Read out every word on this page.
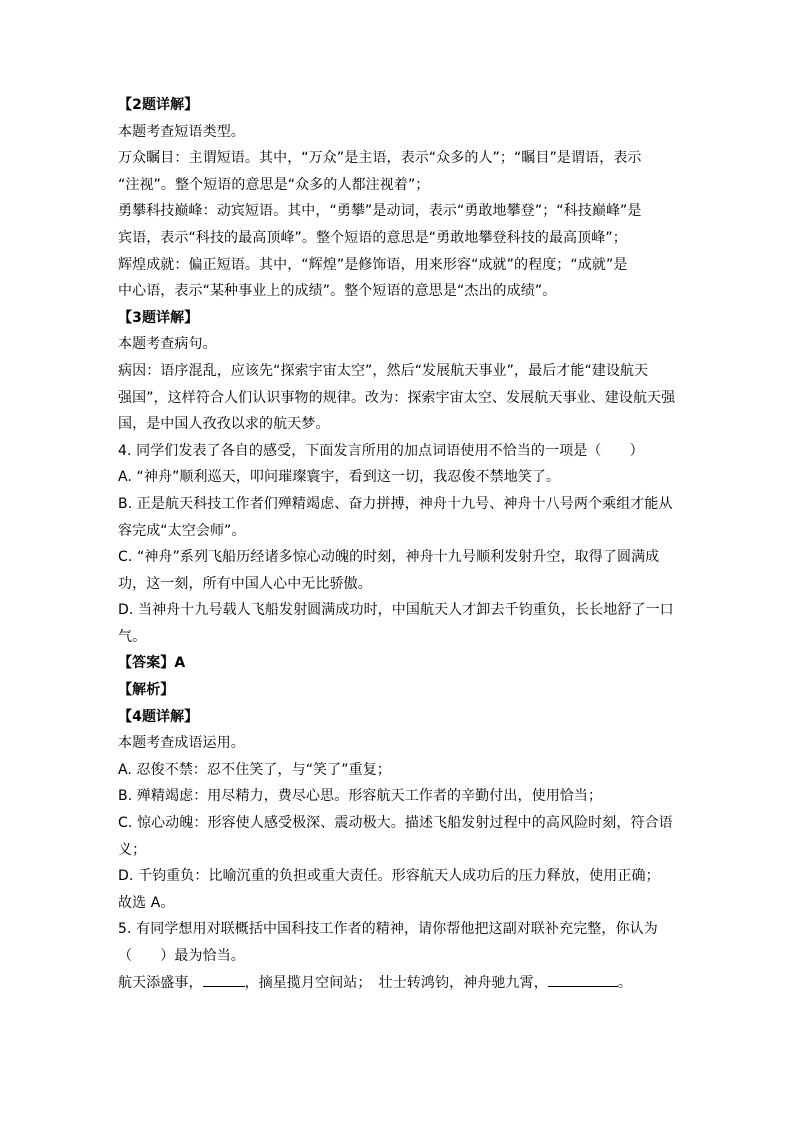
【2题详解】
本题考查短语类型。
万众瞩目：主谓短语。其中，“万众”是主语，表示“众多的人”；“瞩目”是谓语，表示
“注视”。整个短语的意思是“众多的人都注视着”；
勇攀科技巅峰：动宾短语。其中，“勇攀”是动词，表示“勇敢地攀登”；“科技巅峰”是
宾语，表示“科技的最高顶峰”。整个短语的意思是“勇敢地攀登科技的最高顶峰”；
辉煌成就：偏正短语。其中，“辉煌”是修饰语，用来形容“成就”的程度；“成就”是
中心语，表示“某种事业上的成绩”。整个短语的意思是“杰出的成绩”。
【3题详解】
本题考查病句。
病因：语序混乱，应该先“探索宇宙太空”，然后“发展航天事业”，最后才能“建设航天
强国”，这样符合人们认识事物的规律。改为：探索宇宙太空、发展航天事业、建设航天强
国，是中国人孜孜以求的航天梦。
4. 同学们发表了各自的感受，下面发言所用的加点词语使用不恰当的一项是（　　）
A. “神舟”顺利巡天，叩问璀璨寰宇，看到这一切，我忍俊不禁地笑了。
B. 正是航天科技工作者们殚精竭虑、奋力拼搏，神舟十九号、神舟十八号两个乘组才能从
容完成“太空会师”。
C. “神舟”系列飞船历经诸多惊心动魄的时刻，神舟十九号顺利发射升空，取得了圆满成
功，这一刻，所有中国人心中无比骄傲。
D. 当神舟十九号载人飞船发射圆满成功时，中国航天人才卸去千钧重负，长长地舒了一口
气。
【答案】A
【解析】
【4题详解】
本题考查成语运用。
A. 忍俊不禁：忍不住笑了，与“笑了”重复；
B. 殚精竭虑：用尽精力，费尽心思。形容航天工作者的辛勤付出，使用恰当；
C. 惊心动魄：形容使人感受极深、震动极大。描述飞船发射过程中的高风险时刻，符合语
义；
D. 千钧重负：比喻沉重的负担或重大责任。形容航天人成功后的压力释放，使用正确；
故选 A。
5. 有同学想用对联概括中国科技工作者的精神，请你帮他把这副对联补充完整，你认为
（　　）最为恰当。
航天添盛事，	，摘星揽月空间站；　壮士转鸿钧，神舟驰九霄，	。
